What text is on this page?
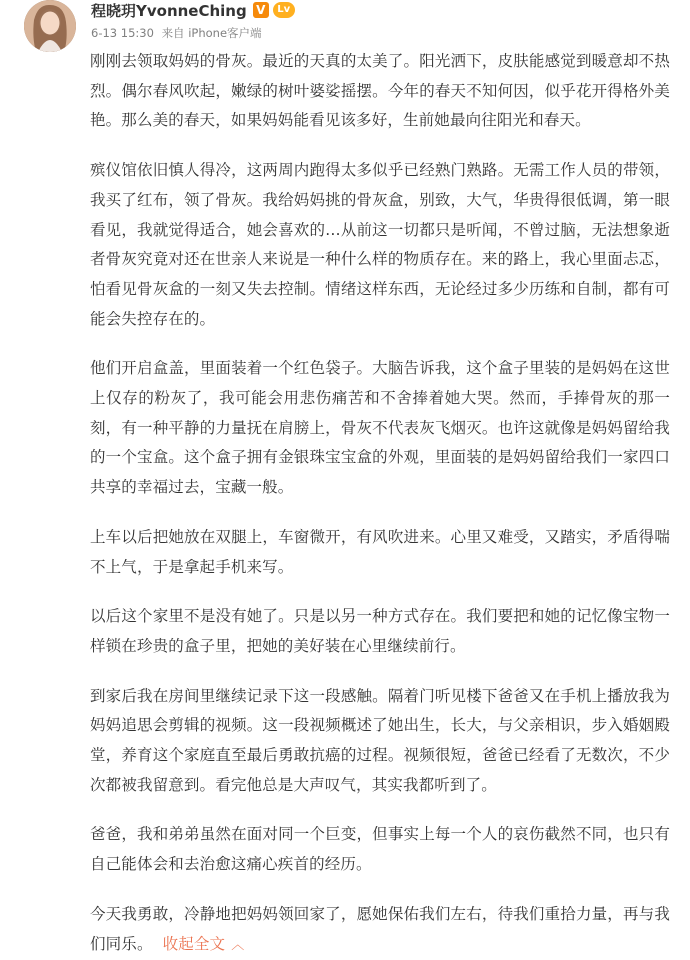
程晓玥YvonneChing V	Lv
6-13 15:30 来自 iPhone客户端

刚刚去领取妈妈的骨灰。最近的天真的太美了。阳光洒下，皮肤能感觉到暖意却不热烈。偶尔春风吹起，嫩绿的树叶婆娑摇摆。今年的春天不知何因，似乎花开得格外美艳。那么美的春天，如果妈妈能看见该多好，生前她最向往阳光和春天。

殡仪馆依旧慎人得冷，这两周内跑得太多似乎已经熟门熟路。无需工作人员的带领，我买了红布，领了骨灰。我给妈妈挑的骨灰盒，别致，大气，华贵得很低调，第一眼看见，我就觉得适合，她会喜欢的…从前这一切都只是听闻，不曾过脑，无法想象逝者骨灰究竟对还在世亲人来说是一种什么样的物质存在。来的路上，我心里面忐忑，怕看见骨灰盒的一刻又失去控制。情绪这样东西，无论经过多少历练和自制，都有可能会失控存在的。

他们开启盒盖，里面装着一个红色袋子。大脑告诉我，这个盒子里装的是妈妈在这世上仅存的粉灰了，我可能会用悲伤痛苦和不舍捧着她大哭。然而，手捧骨灰的那一刻，有一种平静的力量抚在肩膀上，骨灰不代表灰飞烟灭。也许这就像是妈妈留给我的一个宝盒。这个盒子拥有金银珠宝宝盒的外观，里面装的是妈妈留给我们一家四口共享的幸福过去，宝藏一般。

上车以后把她放在双腿上，车窗微开，有风吹进来。心里又难受，又踏实，矛盾得喘不上气，于是拿起手机来写。

以后这个家里不是没有她了。只是以另一种方式存在。我们要把和她的记忆像宝物一样锁在珍贵的盒子里，把她的美好装在心里继续前行。

到家后我在房间里继续记录下这一段感触。隔着门听见楼下爸爸又在手机上播放我为妈妈追思会剪辑的视频。这一段视频概述了她出生，长大，与父亲相识，步入婚姻殿堂，养育这个家庭直至最后勇敢抗癌的过程。视频很短，爸爸已经看了无数次，不少次都被我留意到。看完他总是大声叹气，其实我都听到了。

爸爸，我和弟弟虽然在面对同一个巨变，但事实上每一个人的哀伤截然不同，也只有自己能体会和去治愈这痛心疾首的经历。

今天我勇敢，冷静地把妈妈领回家了，愿她保佑我们左右，待我们重拾力量，再与我们同乐。 收起全文 ︿
